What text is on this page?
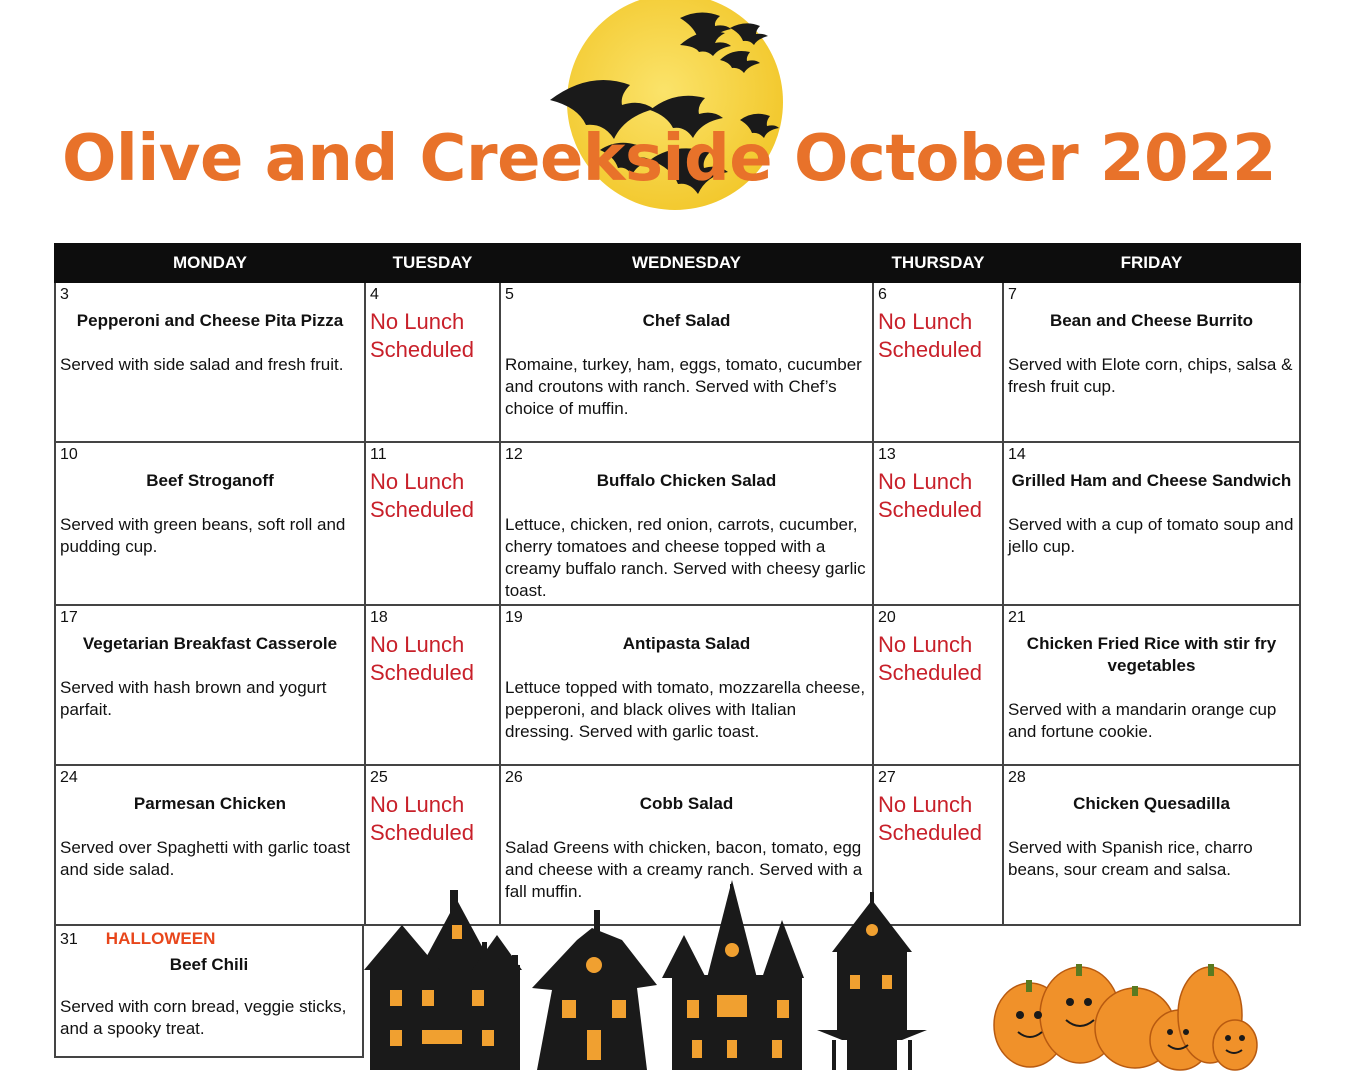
Olive and Creekside October 2022
MONDAY	TUESDAY	WEDNESDAY	THURSDAY	FRIDAY

3
Pepperoni and Cheese Pita Pizza
Served with side salad and fresh fruit.	4
No Lunch
Scheduled	5
Chef Salad
Romaine, turkey, ham, eggs, tomato, cucumber and croutons with ranch. Served with Chef’s choice of muffin.	6
No Lunch
Scheduled	7
Bean and Cheese Burrito
Served with Elote corn, chips, salsa & fresh fruit cup.

10
Beef Stroganoff
Served with green beans, soft roll and pudding cup.	11
No Lunch
Scheduled	12
Buffalo Chicken Salad
Lettuce, chicken, red onion, carrots, cucumber, cherry tomatoes and cheese topped with a creamy buffalo ranch. Served with cheesy garlic toast.	13
No Lunch
Scheduled	14
Grilled Ham and Cheese Sandwich
Served with a cup of tomato soup and jello cup.

17
Vegetarian Breakfast Casserole
Served with hash brown and yogurt parfait.	18
No Lunch
Scheduled	19
Antipasta Salad
Lettuce topped with tomato, mozzarella cheese, pepperoni, and black olives with Italian dressing. Served with garlic toast.	20
No Lunch
Scheduled	21
Chicken Fried Rice with stir fry vegetables
Served with a mandarin orange cup and fortune cookie.

24
Parmesan Chicken
Served over Spaghetti with garlic toast and side salad.	25
No Lunch
Scheduled	26
Cobb Salad
Salad Greens with chicken, bacon, tomato, egg and cheese with a creamy ranch. Served with a fall muffin.	27
No Lunch
Scheduled	28
Chicken Quesadilla
Served with Spanish rice, charro beans, sour cream and salsa.
31 HALLOWEEN
Beef Chili
Served with corn bread, veggie sticks, and a spooky treat.
